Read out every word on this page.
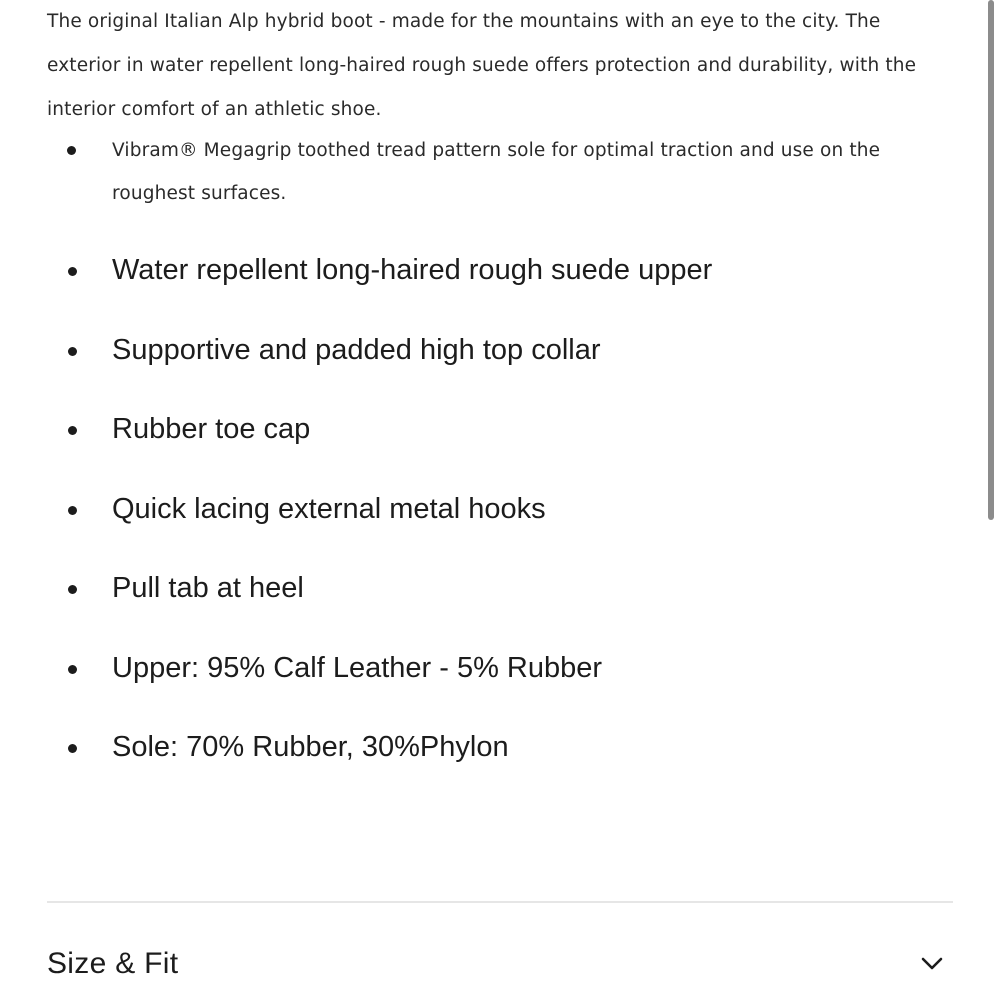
The original Italian Alp hybrid boot - made for the mountains with an eye to the city. The exterior in water repellent long-haired rough suede offers protection and durability, with the interior comfort of an athletic shoe.

Vibram® Megagrip toothed tread pattern sole for optimal traction and use on the roughest surfaces.
Water repellent long-haired rough suede upper
Supportive and padded high top collar
Rubber toe cap
Quick lacing external metal hooks
Pull tab at heel
Upper: 95% Calf Leather - 5% Rubber
Sole: 70% Rubber, 30%Phylon
Size & Fit
